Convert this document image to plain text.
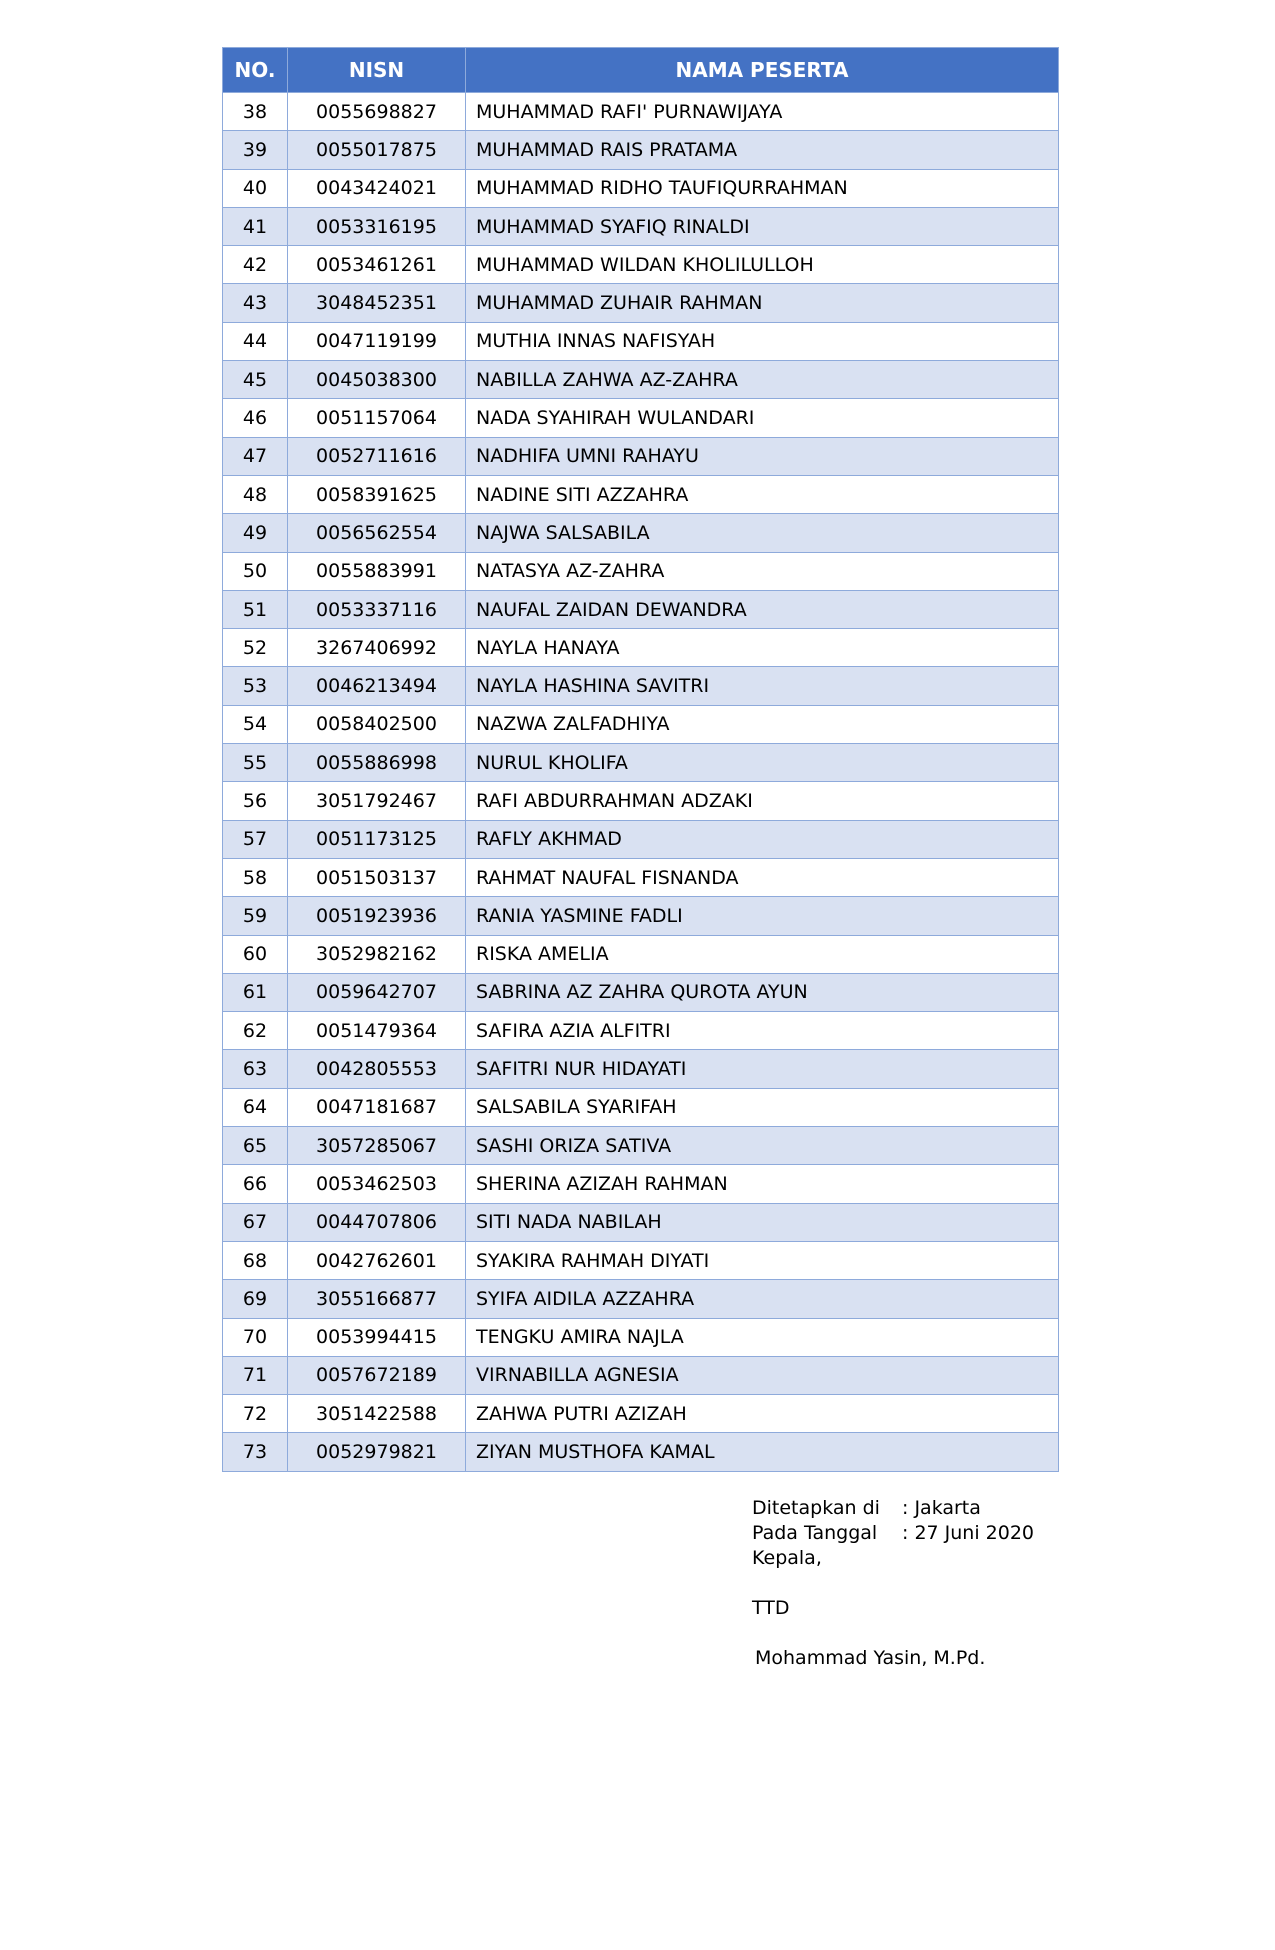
NO.	NISN	NAMA PESERTA
38	0055698827	MUHAMMAD RAFI' PURNAWIJAYA
39	0055017875	MUHAMMAD RAIS PRATAMA
40	0043424021	MUHAMMAD RIDHO TAUFIQURRAHMAN
41	0053316195	MUHAMMAD SYAFIQ RINALDI
42	0053461261	MUHAMMAD WILDAN KHOLILULLOH
43	3048452351	MUHAMMAD ZUHAIR RAHMAN
44	0047119199	MUTHIA INNAS NAFISYAH
45	0045038300	NABILLA ZAHWA AZ-ZAHRA
46	0051157064	NADA SYAHIRAH WULANDARI
47	0052711616	NADHIFA UMNI RAHAYU
48	0058391625	NADINE SITI AZZAHRA
49	0056562554	NAJWA SALSABILA
50	0055883991	NATASYA AZ-ZAHRA
51	0053337116	NAUFAL ZAIDAN DEWANDRA
52	3267406992	NAYLA HANAYA
53	0046213494	NAYLA HASHINA SAVITRI
54	0058402500	NAZWA ZALFADHIYA
55	0055886998	NURUL KHOLIFA
56	3051792467	RAFI ABDURRAHMAN ADZAKI
57	0051173125	RAFLY AKHMAD
58	0051503137	RAHMAT NAUFAL FISNANDA
59	0051923936	RANIA YASMINE FADLI
60	3052982162	RISKA AMELIA
61	0059642707	SABRINA AZ ZAHRA QUROTA AYUN
62	0051479364	SAFIRA AZIA ALFITRI
63	0042805553	SAFITRI NUR HIDAYATI
64	0047181687	SALSABILA SYARIFAH
65	3057285067	SASHI ORIZA SATIVA
66	0053462503	SHERINA AZIZAH RAHMAN
67	0044707806	SITI NADA NABILAH
68	0042762601	SYAKIRA RAHMAH DIYATI
69	3055166877	SYIFA AIDILA AZZAHRA
70	0053994415	TENGKU AMIRA NAJLA
71	0057672189	VIRNABILLA AGNESIA
72	3051422588	ZAHWA PUTRI AZIZAH
73	0052979821	ZIYAN MUSTHOFA KAMAL
Ditetapkan di	: Jakarta
Pada Tanggal	: 27 Juni 2020
Kepala,
TTD
Mohammad Yasin, M.Pd.
